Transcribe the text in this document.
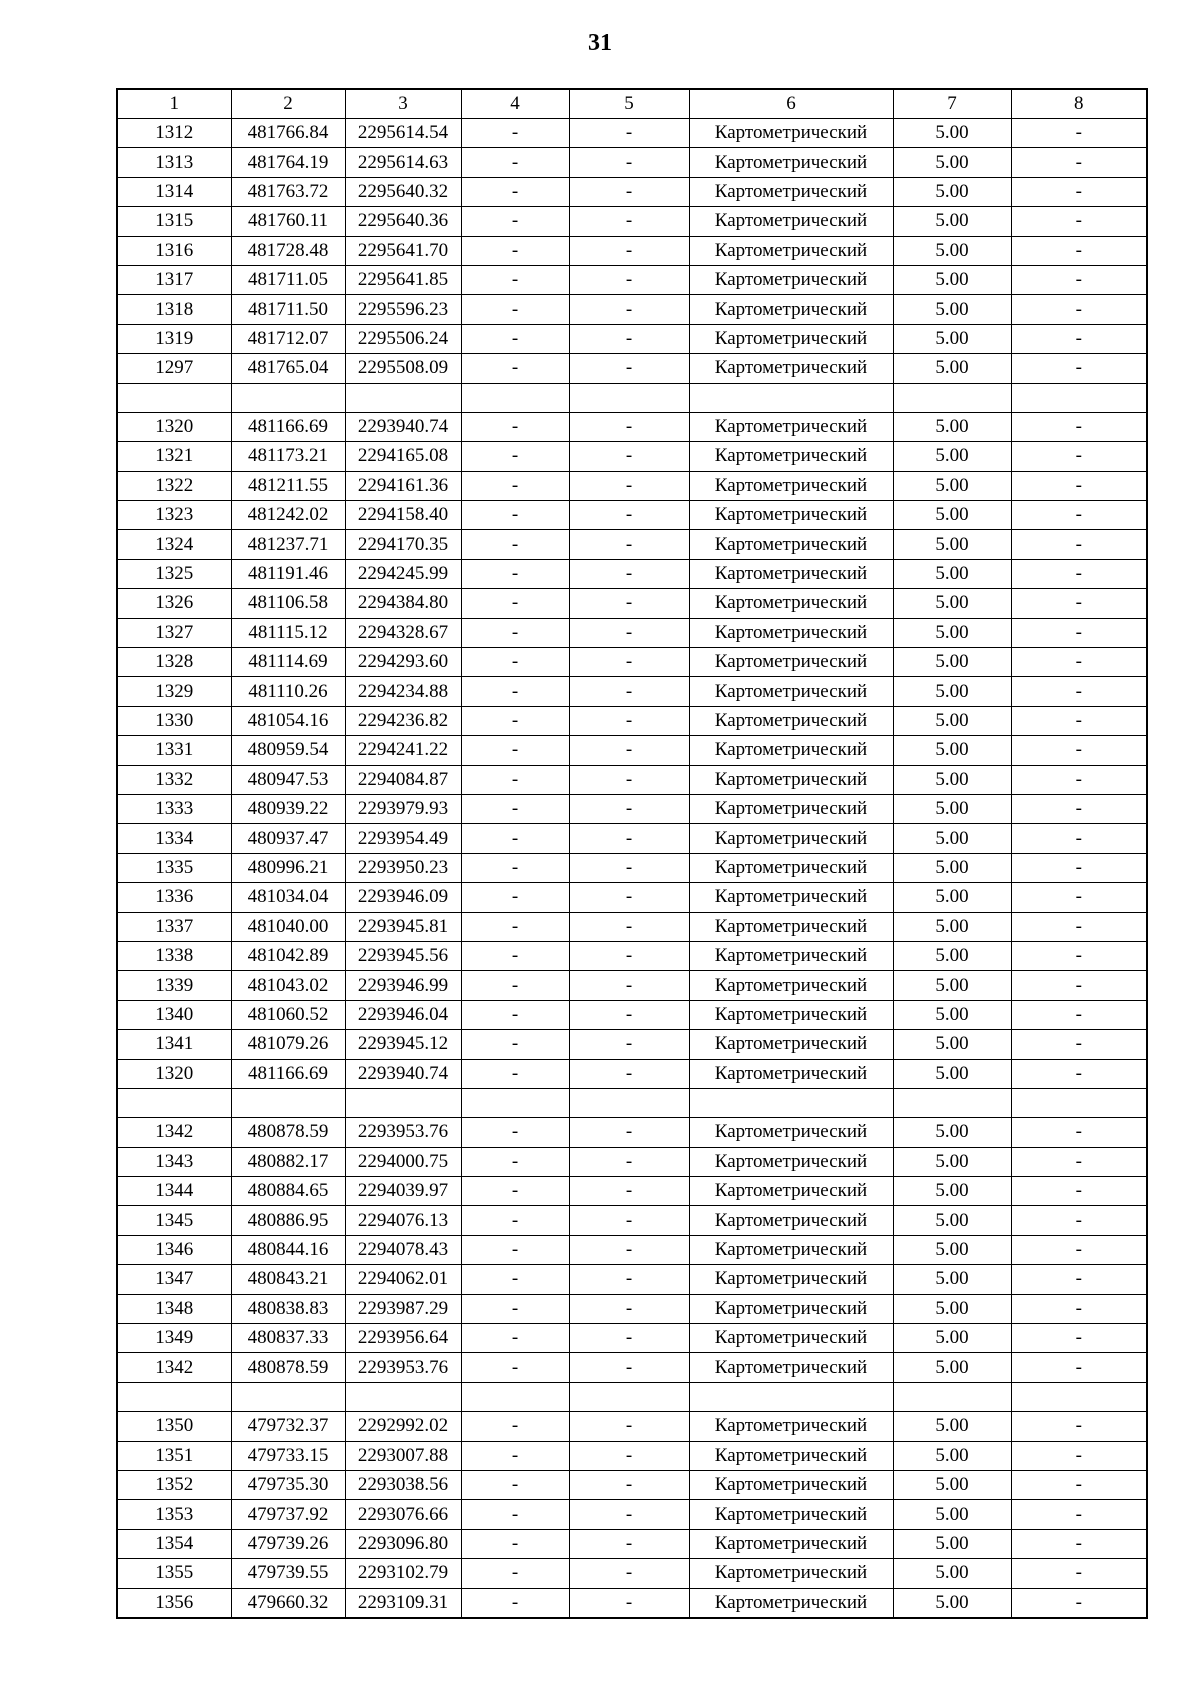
31
1	2	3	4	5	6	7	8
1312	481766.84	2295614.54	-	-	Картометрический	5.00	-
1313	481764.19	2295614.63	-	-	Картометрический	5.00	-
1314	481763.72	2295640.32	-	-	Картометрический	5.00	-
1315	481760.11	2295640.36	-	-	Картометрический	5.00	-
1316	481728.48	2295641.70	-	-	Картометрический	5.00	-
1317	481711.05	2295641.85	-	-	Картометрический	5.00	-
1318	481711.50	2295596.23	-	-	Картометрический	5.00	-
1319	481712.07	2295506.24	-	-	Картометрический	5.00	-
1297	481765.04	2295508.09	-	-	Картометрический	5.00	-

1320	481166.69	2293940.74	-	-	Картометрический	5.00	-
1321	481173.21	2294165.08	-	-	Картометрический	5.00	-
1322	481211.55	2294161.36	-	-	Картометрический	5.00	-
1323	481242.02	2294158.40	-	-	Картометрический	5.00	-
1324	481237.71	2294170.35	-	-	Картометрический	5.00	-
1325	481191.46	2294245.99	-	-	Картометрический	5.00	-
1326	481106.58	2294384.80	-	-	Картометрический	5.00	-
1327	481115.12	2294328.67	-	-	Картометрический	5.00	-
1328	481114.69	2294293.60	-	-	Картометрический	5.00	-
1329	481110.26	2294234.88	-	-	Картометрический	5.00	-
1330	481054.16	2294236.82	-	-	Картометрический	5.00	-
1331	480959.54	2294241.22	-	-	Картометрический	5.00	-
1332	480947.53	2294084.87	-	-	Картометрический	5.00	-
1333	480939.22	2293979.93	-	-	Картометрический	5.00	-
1334	480937.47	2293954.49	-	-	Картометрический	5.00	-
1335	480996.21	2293950.23	-	-	Картометрический	5.00	-
1336	481034.04	2293946.09	-	-	Картометрический	5.00	-
1337	481040.00	2293945.81	-	-	Картометрический	5.00	-
1338	481042.89	2293945.56	-	-	Картометрический	5.00	-
1339	481043.02	2293946.99	-	-	Картометрический	5.00	-
1340	481060.52	2293946.04	-	-	Картометрический	5.00	-
1341	481079.26	2293945.12	-	-	Картометрический	5.00	-
1320	481166.69	2293940.74	-	-	Картометрический	5.00	-

1342	480878.59	2293953.76	-	-	Картометрический	5.00	-
1343	480882.17	2294000.75	-	-	Картометрический	5.00	-
1344	480884.65	2294039.97	-	-	Картометрический	5.00	-
1345	480886.95	2294076.13	-	-	Картометрический	5.00	-
1346	480844.16	2294078.43	-	-	Картометрический	5.00	-
1347	480843.21	2294062.01	-	-	Картометрический	5.00	-
1348	480838.83	2293987.29	-	-	Картометрический	5.00	-
1349	480837.33	2293956.64	-	-	Картометрический	5.00	-
1342	480878.59	2293953.76	-	-	Картометрический	5.00	-

1350	479732.37	2292992.02	-	-	Картометрический	5.00	-
1351	479733.15	2293007.88	-	-	Картометрический	5.00	-
1352	479735.30	2293038.56	-	-	Картометрический	5.00	-
1353	479737.92	2293076.66	-	-	Картометрический	5.00	-
1354	479739.26	2293096.80	-	-	Картометрический	5.00	-
1355	479739.55	2293102.79	-	-	Картометрический	5.00	-
1356	479660.32	2293109.31	-	-	Картометрический	5.00	-
